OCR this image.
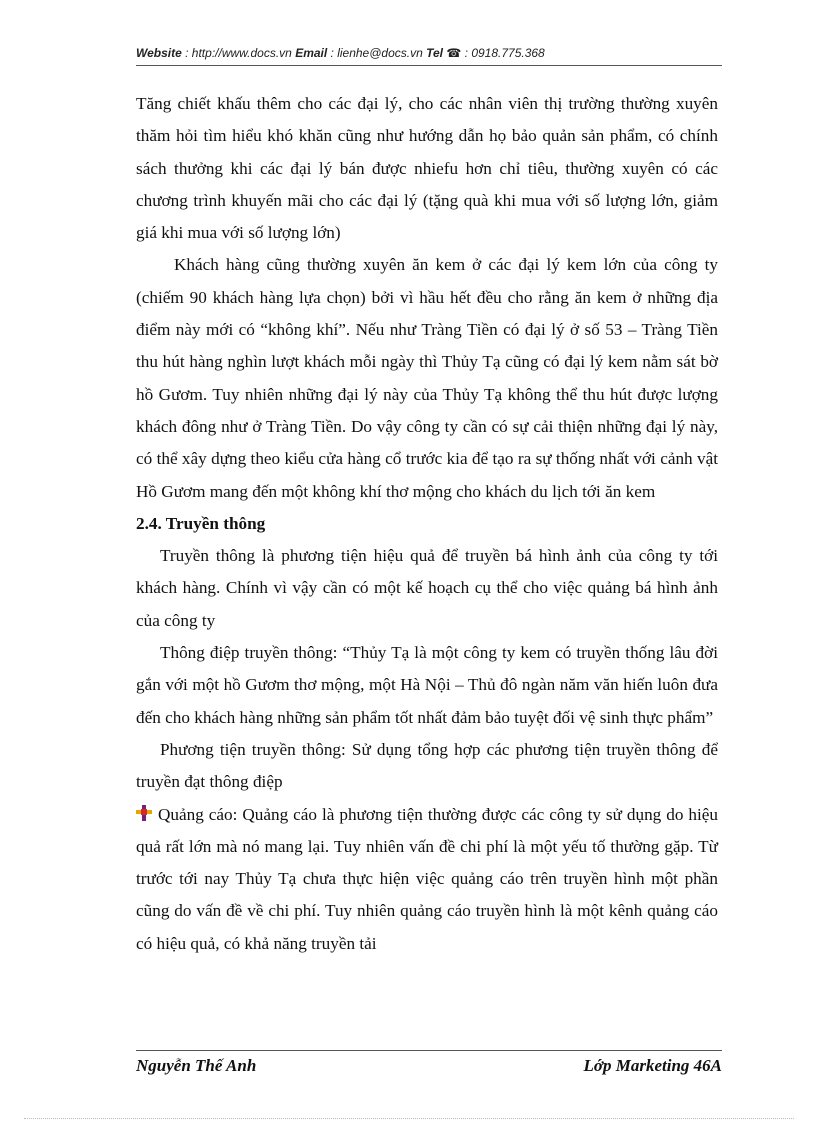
Website : http://www.docs.vn Email : lienhe@docs.vn Tel ☎ : 0918.775.368

Tăng chiết khấu thêm cho các đại lý, cho các nhân viên thị trường thường xuyên thăm hỏi tìm hiểu khó khăn cũng như hướng dẫn họ bảo quản sản phẩm, có chính sách thưởng khi các đại lý bán được nhiefu hơn chỉ tiêu, thường xuyên có các chương trình khuyến mãi cho các đại lý (tặng quà khi mua với số lượng lớn, giảm giá khi mua với số lượng lớn)

Khách hàng cũng thường xuyên ăn kem ở các đại lý kem lớn của công ty (chiếm 90 khách hàng lựa chọn) bởi vì hầu hết đều cho rằng ăn kem ở những địa điểm này mới có “không khí”. Nếu như Tràng Tiền có đại lý ở số 53 – Tràng Tiền thu hút hàng nghìn lượt khách mỗi ngày thì Thủy Tạ cũng có đại lý kem nằm sát bờ hồ Gươm. Tuy nhiên những đại lý này của Thủy Tạ không thể thu hút được lượng khách đông như ở Tràng Tiền. Do vậy công ty cần có sự cải thiện những đại lý này, có thể xây dựng theo kiểu cửa hàng cổ trước kia để tạo ra sự thống nhất với cảnh vật Hồ Gươm mang đến một không khí thơ mộng cho khách du lịch tới ăn kem

2.4. Truyền thông

Truyền thông là phương tiện hiệu quả để truyền bá hình ảnh của công ty tới khách hàng. Chính vì vậy cần có một kế hoạch cụ thể cho việc quảng bá hình ảnh của công ty

Thông điệp truyền thông: “Thủy Tạ là một công ty kem có truyền thống lâu đời gắn với một hồ Gươm thơ mộng, một Hà Nội – Thủ đô ngàn năm văn hiến luôn đưa đến cho khách hàng những sản phẩm tốt nhất đảm bảo tuyệt đối vệ sinh thực phẩm”

Phương tiện truyền thông: Sử dụng tổng hợp các phương tiện truyền thông để truyền đạt thông điệp

Quảng cáo: Quảng cáo là phương tiện thường được các công ty sử dụng do hiệu quả rất lớn mà nó mang lại. Tuy nhiên vấn đề chi phí là một yếu tố thường gặp. Từ trước tới nay Thủy Tạ chưa thực hiện việc quảng cáo trên truyền hình một phần cũng do vấn đề về chi phí. Tuy nhiên quảng cáo truyền hình là một kênh quảng cáo có hiệu quả, có khả năng truyền tải

Nguyễn Thế Anh	Lớp Marketing 46A
